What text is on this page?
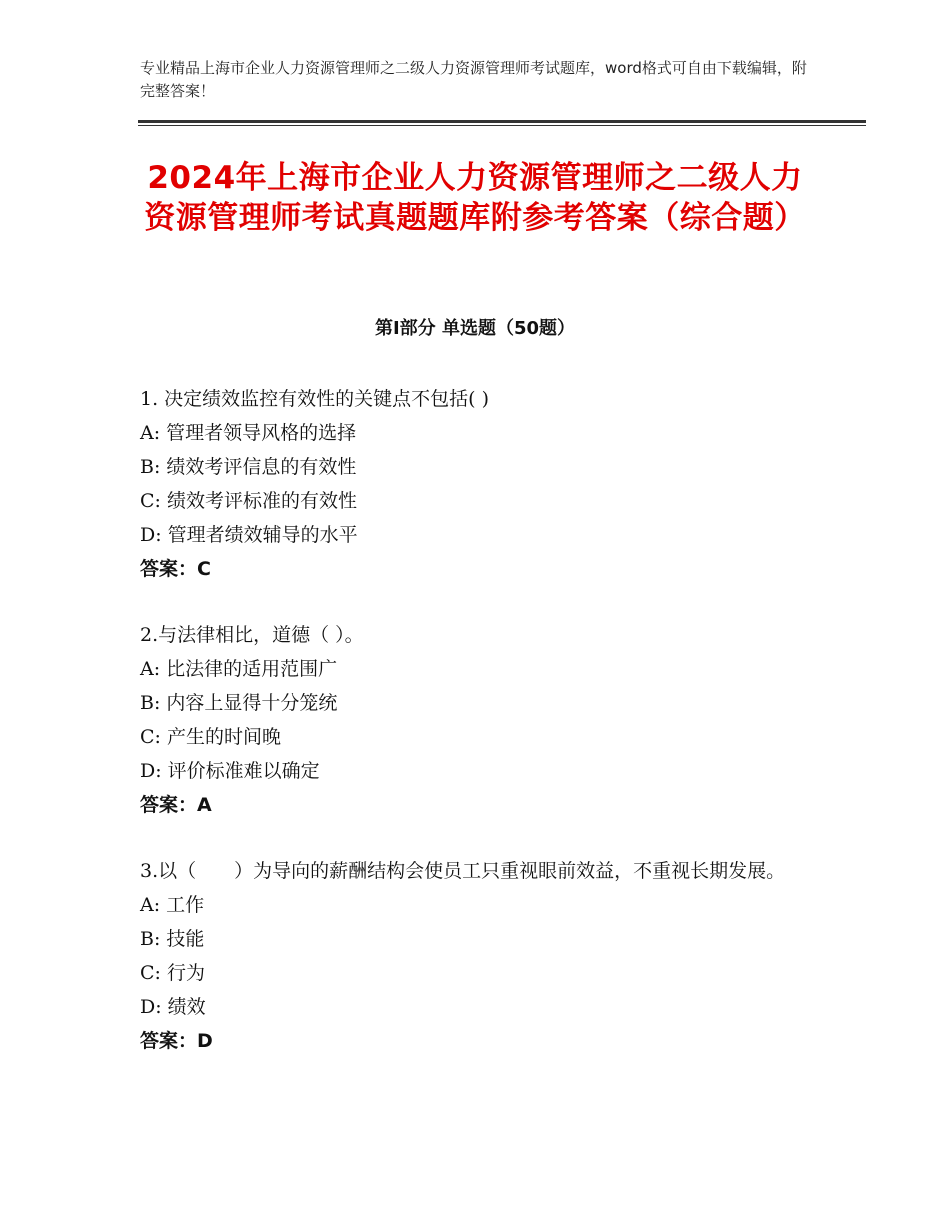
专业精品上海市企业人力资源管理师之二级人力资源管理师考试题库，word格式可自由下载编辑，附完整答案！
2024年上海市企业人力资源管理师之二级人力资源管理师考试真题题库附参考答案（综合题）
第Ⅰ部分 单选题（50题）
1. 决定绩效监控有效性的关键点不包括( )
A: 管理者领导风格的选择
B: 绩效考评信息的有效性
C: 绩效考评标准的有效性
D: 管理者绩效辅导的水平
答案：C
2.与法律相比，道德（ ）。
A: 比法律的适用范围广
B: 内容上显得十分笼统
C: 产生的时间晚
D: 评价标准难以确定
答案：A
3.以（　　）为导向的薪酬结构会使员工只重视眼前效益，不重视长期发展。
A: 工作
B: 技能
C: 行为
D: 绩效
答案：D
